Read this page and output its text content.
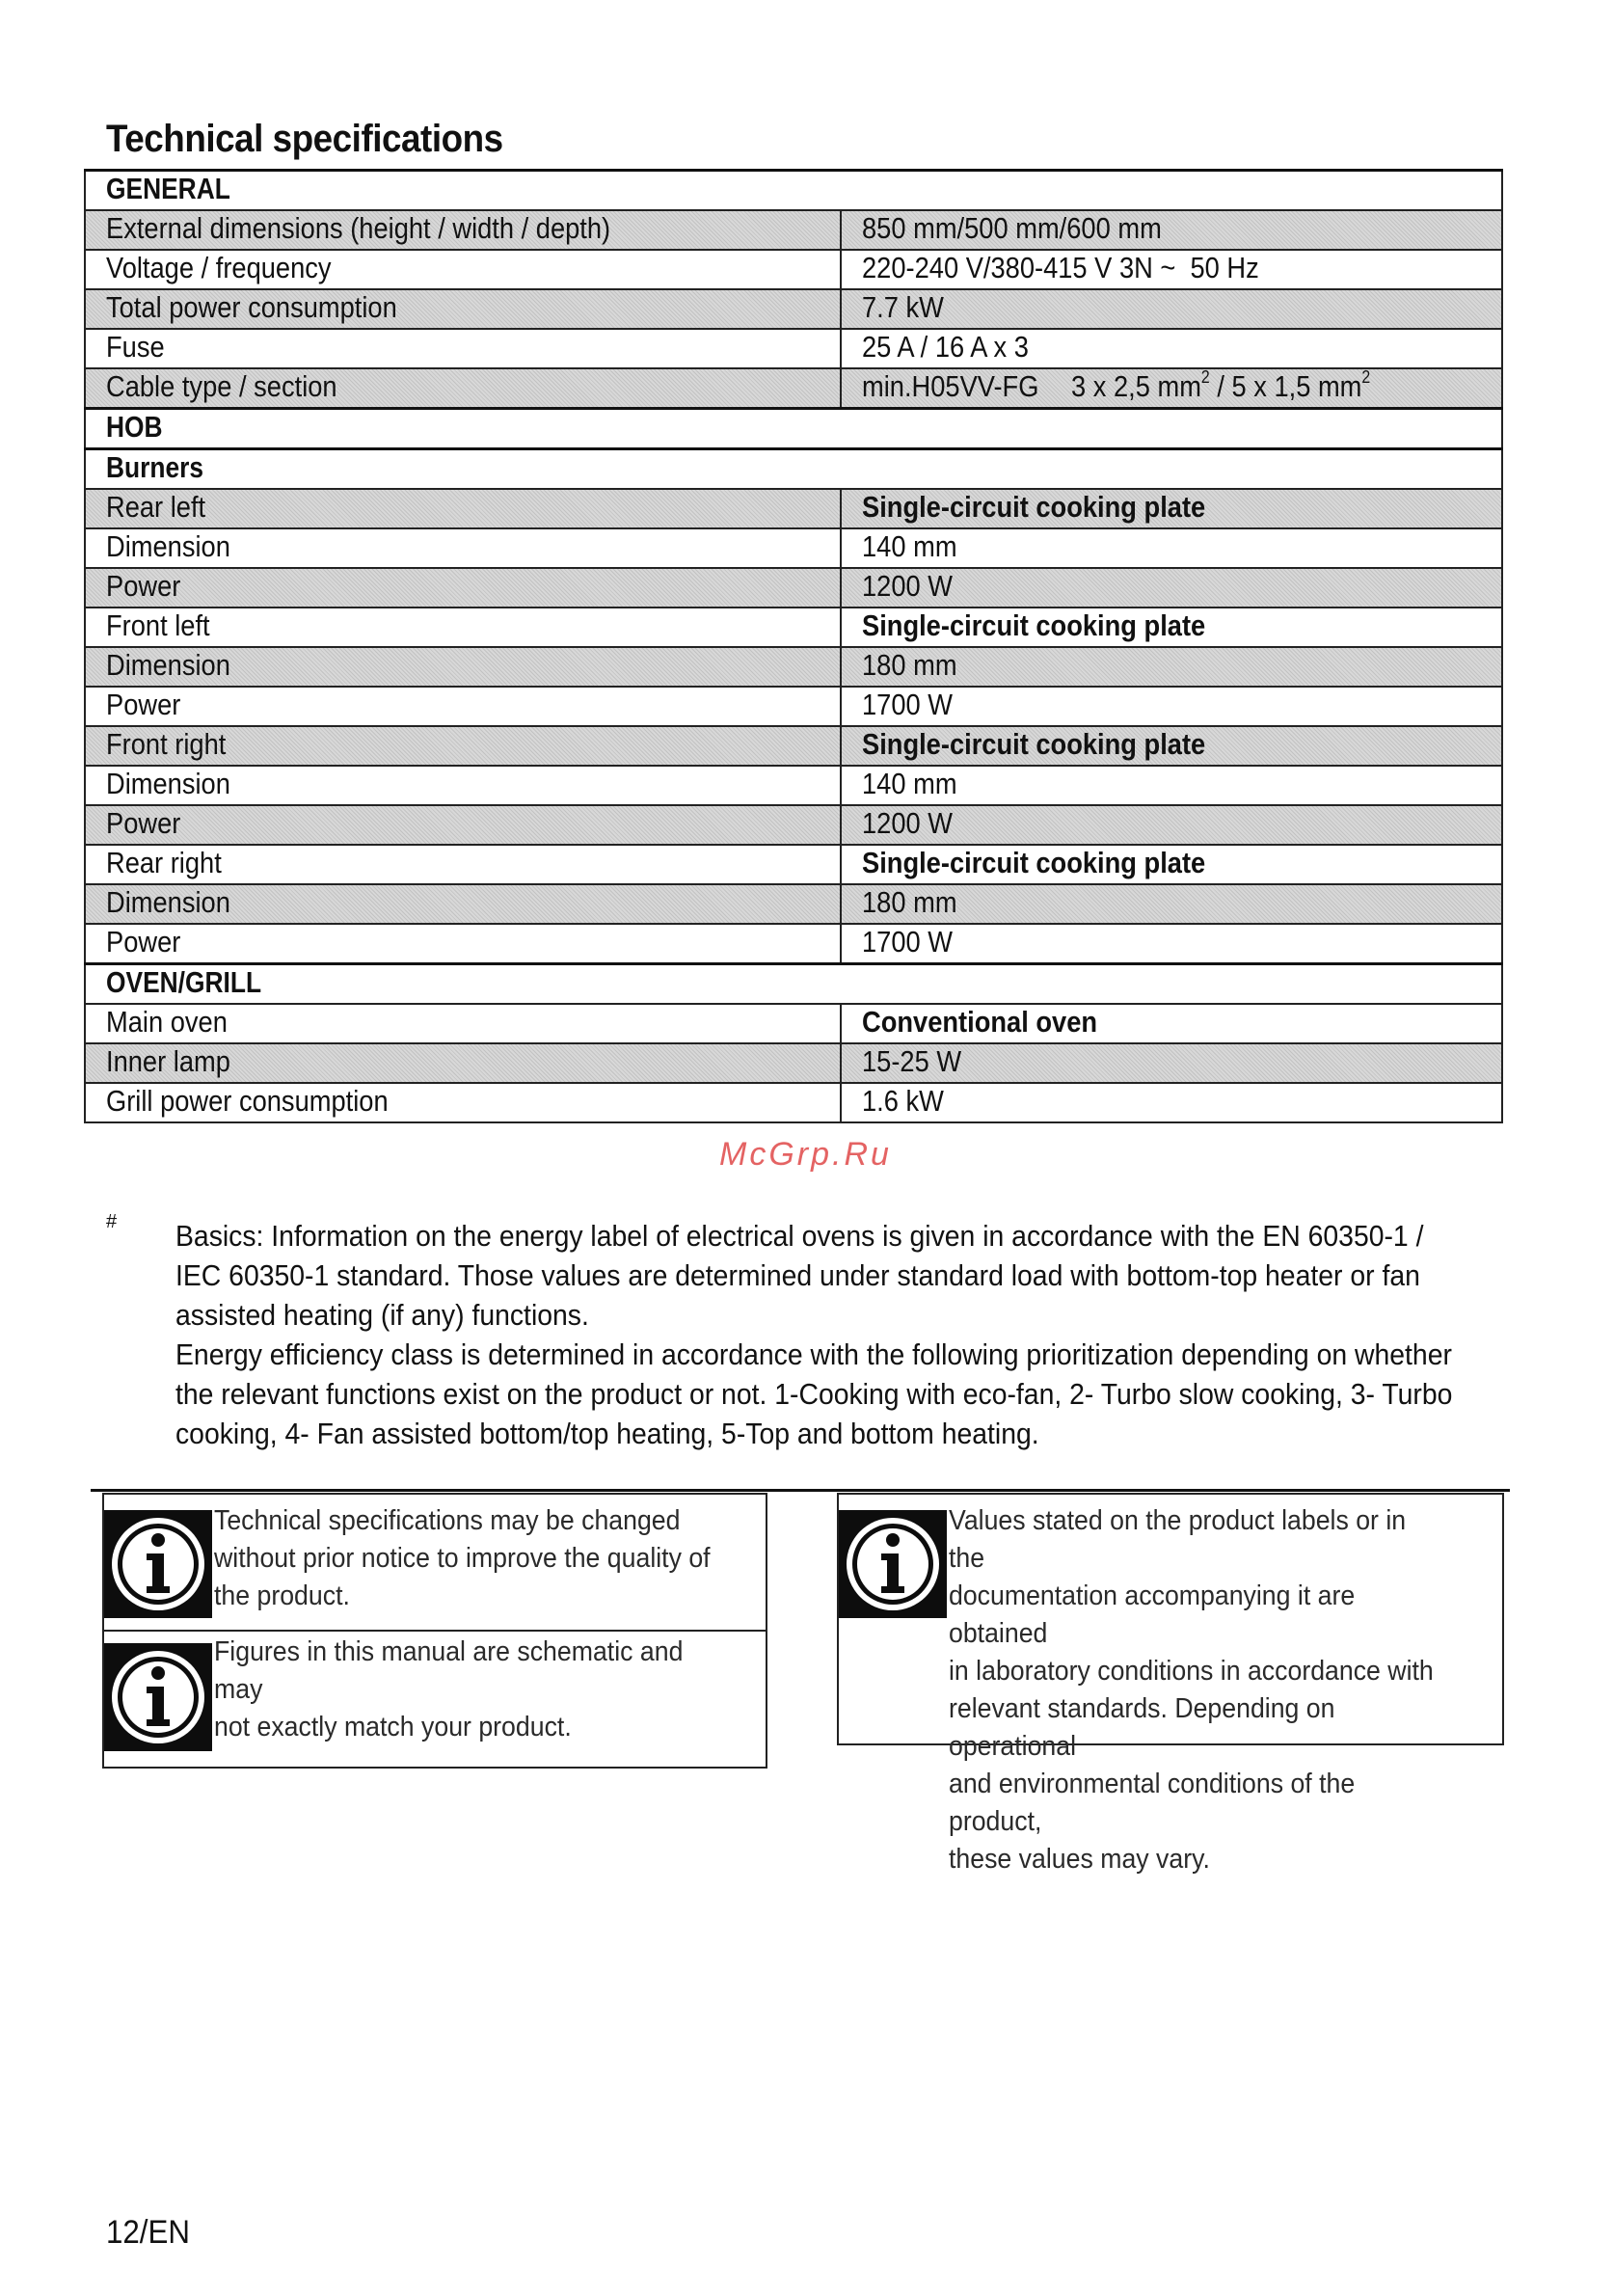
Technical specifications
GENERAL	
External dimensions (height / width / depth)	850 mm/500 mm/600 mm
Voltage / frequency	220-240 V/380-415 V 3N ~  50 Hz
Total power consumption	7.7 kW
Fuse	25 A / 16 A x 3
Cable type / section	min.H05VV-FG 3 x 2,5 $mm^2 / 5$ x 1,5 $mm^2$
HOB	
Burners	
Rear left	Single-circuit cooking plate
Dimension	140 mm
Power	1200 W
Front left	Single-circuit cooking plate
Dimension	180 mm
Power	1700 W
Front right	Single-circuit cooking plate
Dimension	140 mm
Power	1200 W
Rear right	Single-circuit cooking plate
Dimension	180 mm
Power	1700 W
OVEN/GRILL	
Main oven	Conventional oven
Inner lamp	15-25 W
Grill power consumption	1.6 kW
McGrp.Ru
# Basics: Information on the energy label of electrical ovens is given in accordance with the EN 60350-1 /
IEC 60350-1 standard. Those values are determined under standard load with bottom-top heater or fan
assisted heating (if any) functions.
Energy efficiency class is determined in accordance with the following prioritization depending on whether
the relevant functions exist on the product or not. 1-Cooking with eco-fan, 2- Turbo slow cooking, 3- Turbo
cooking, 4- Fan assisted bottom/top heating, 5-Top and bottom heating.

Technical specifications may be changed
without prior notice to improve the quality of
the product.
Figures in this manual are schematic and may
not exactly match your product.
Values stated on the product labels or in the
documentation accompanying it are obtained
in laboratory conditions in accordance with
relevant standards. Depending on operational
and environmental conditions of the product,
these values may vary.
12/EN
